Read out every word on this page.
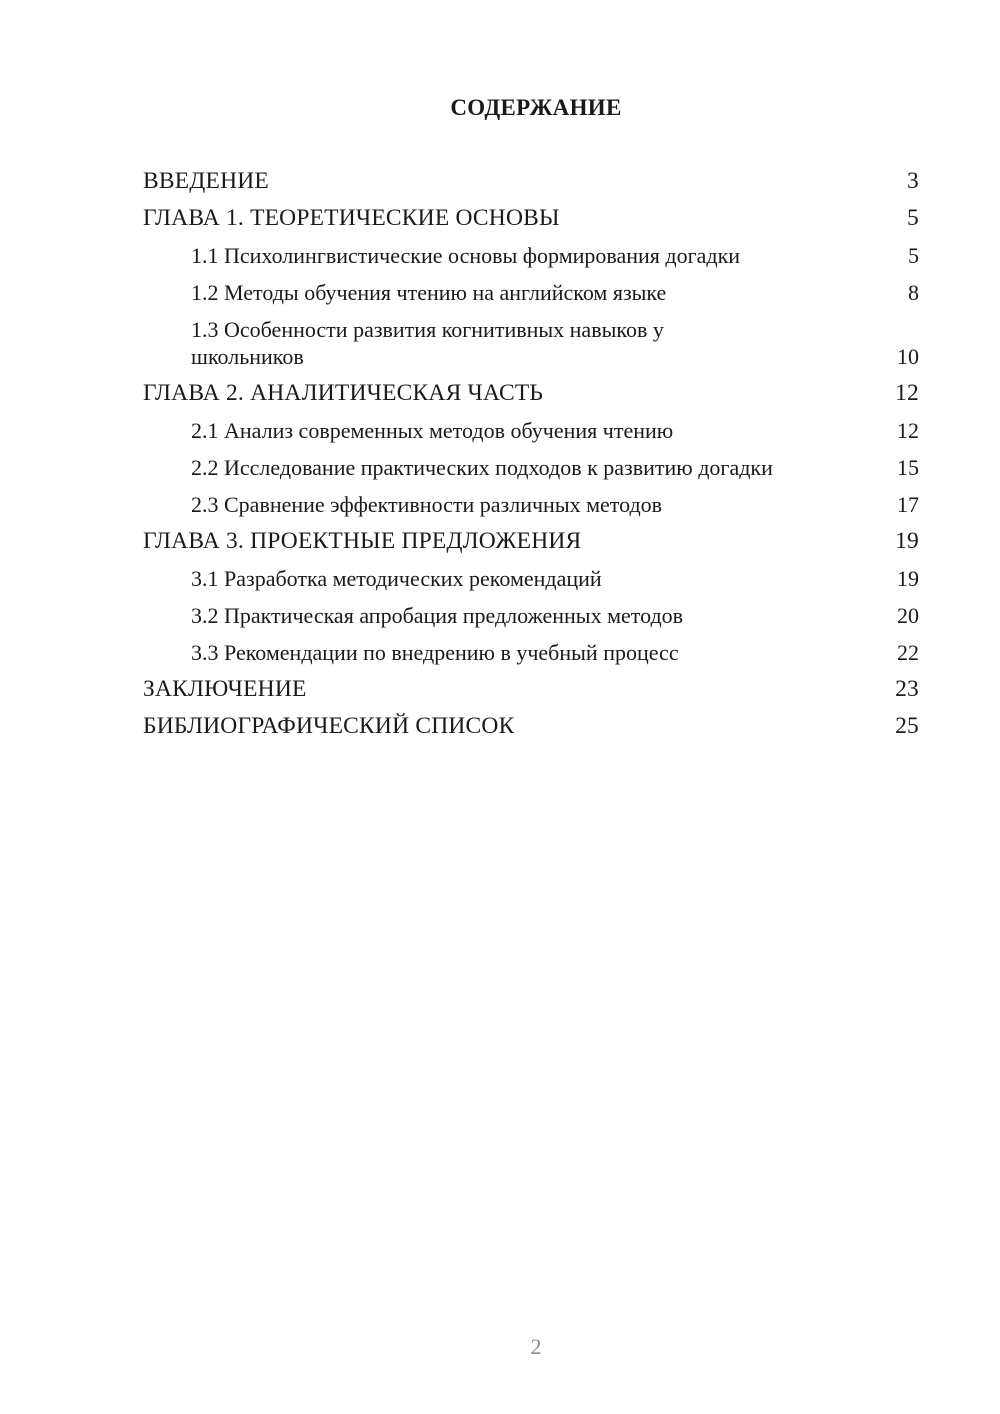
СОДЕРЖАНИЕ
ВВЕДЕНИЕ	3
ГЛАВА 1. ТЕОРЕТИЧЕСКИЕ ОСНОВЫ	5
1.1 Психолингвистические основы формирования догадки	5
1.2 Методы обучения чтению на английском языке	8
1.3 Особенности развития когнитивных навыков у школьников	10
ГЛАВА 2. АНАЛИТИЧЕСКАЯ ЧАСТЬ	12
2.1 Анализ современных методов обучения чтению	12
2.2 Исследование практических подходов к развитию догадки	15
2.3 Сравнение эффективности различных методов	17
ГЛАВА 3. ПРОЕКТНЫЕ ПРЕДЛОЖЕНИЯ	19
3.1 Разработка методических рекомендаций	19
3.2 Практическая апробация предложенных методов	20
3.3 Рекомендации по внедрению в учебный процесс	22
ЗАКЛЮЧЕНИЕ	23
БИБЛИОГРАФИЧЕСКИЙ СПИСОК	25
2
